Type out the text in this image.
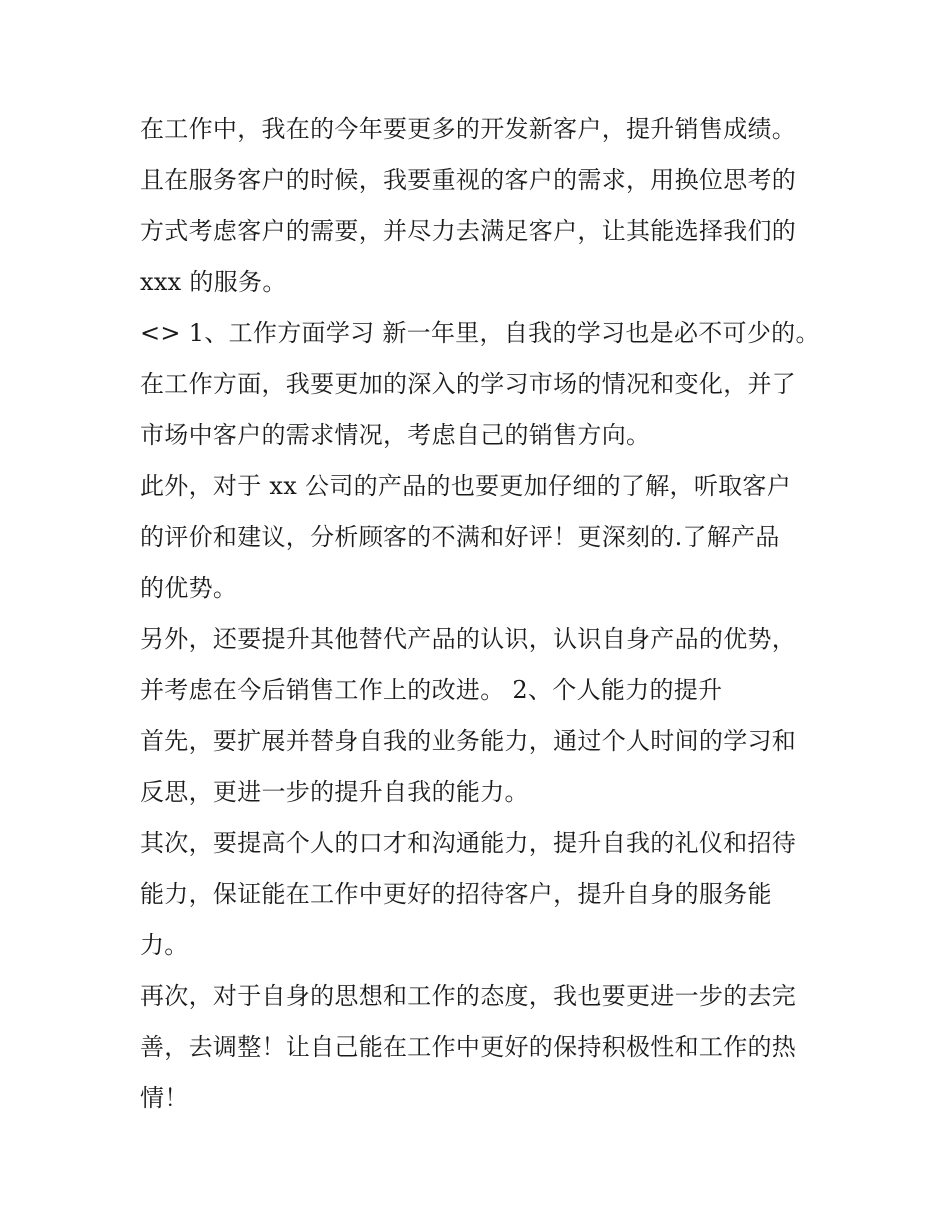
在工作中，我在的今年要更多的开发新客户，提升销售成绩。
且在服务客户的时候，我要重视的客户的需求，用换位思考的
方式考虑客户的需要，并尽力去满足客户，让其能选择我们的
xxx 的服务。
<> 1、工作方面学习 新一年里，自我的学习也是必不可少的。
在工作方面，我要更加的深入的学习市场的情况和变化，并了
市场中客户的需求情况，考虑自己的销售方向。
此外，对于 xx 公司的产品的也要更加仔细的了解，听取客户
的评价和建议，分析顾客的不满和好评！更深刻的.了解产品
的优势。
另外，还要提升其他替代产品的认识，认识自身产品的优势，
并考虑在今后销售工作上的改进。 2、个人能力的提升
首先，要扩展并替身自我的业务能力，通过个人时间的学习和
反思，更进一步的提升自我的能力。
其次，要提高个人的口才和沟通能力，提升自我的礼仪和招待
能力，保证能在工作中更好的招待客户，提升自身的服务能
力。
再次，对于自身的思想和工作的态度，我也要更进一步的去完
善，去调整！让自己能在工作中更好的保持积极性和工作的热
情！
